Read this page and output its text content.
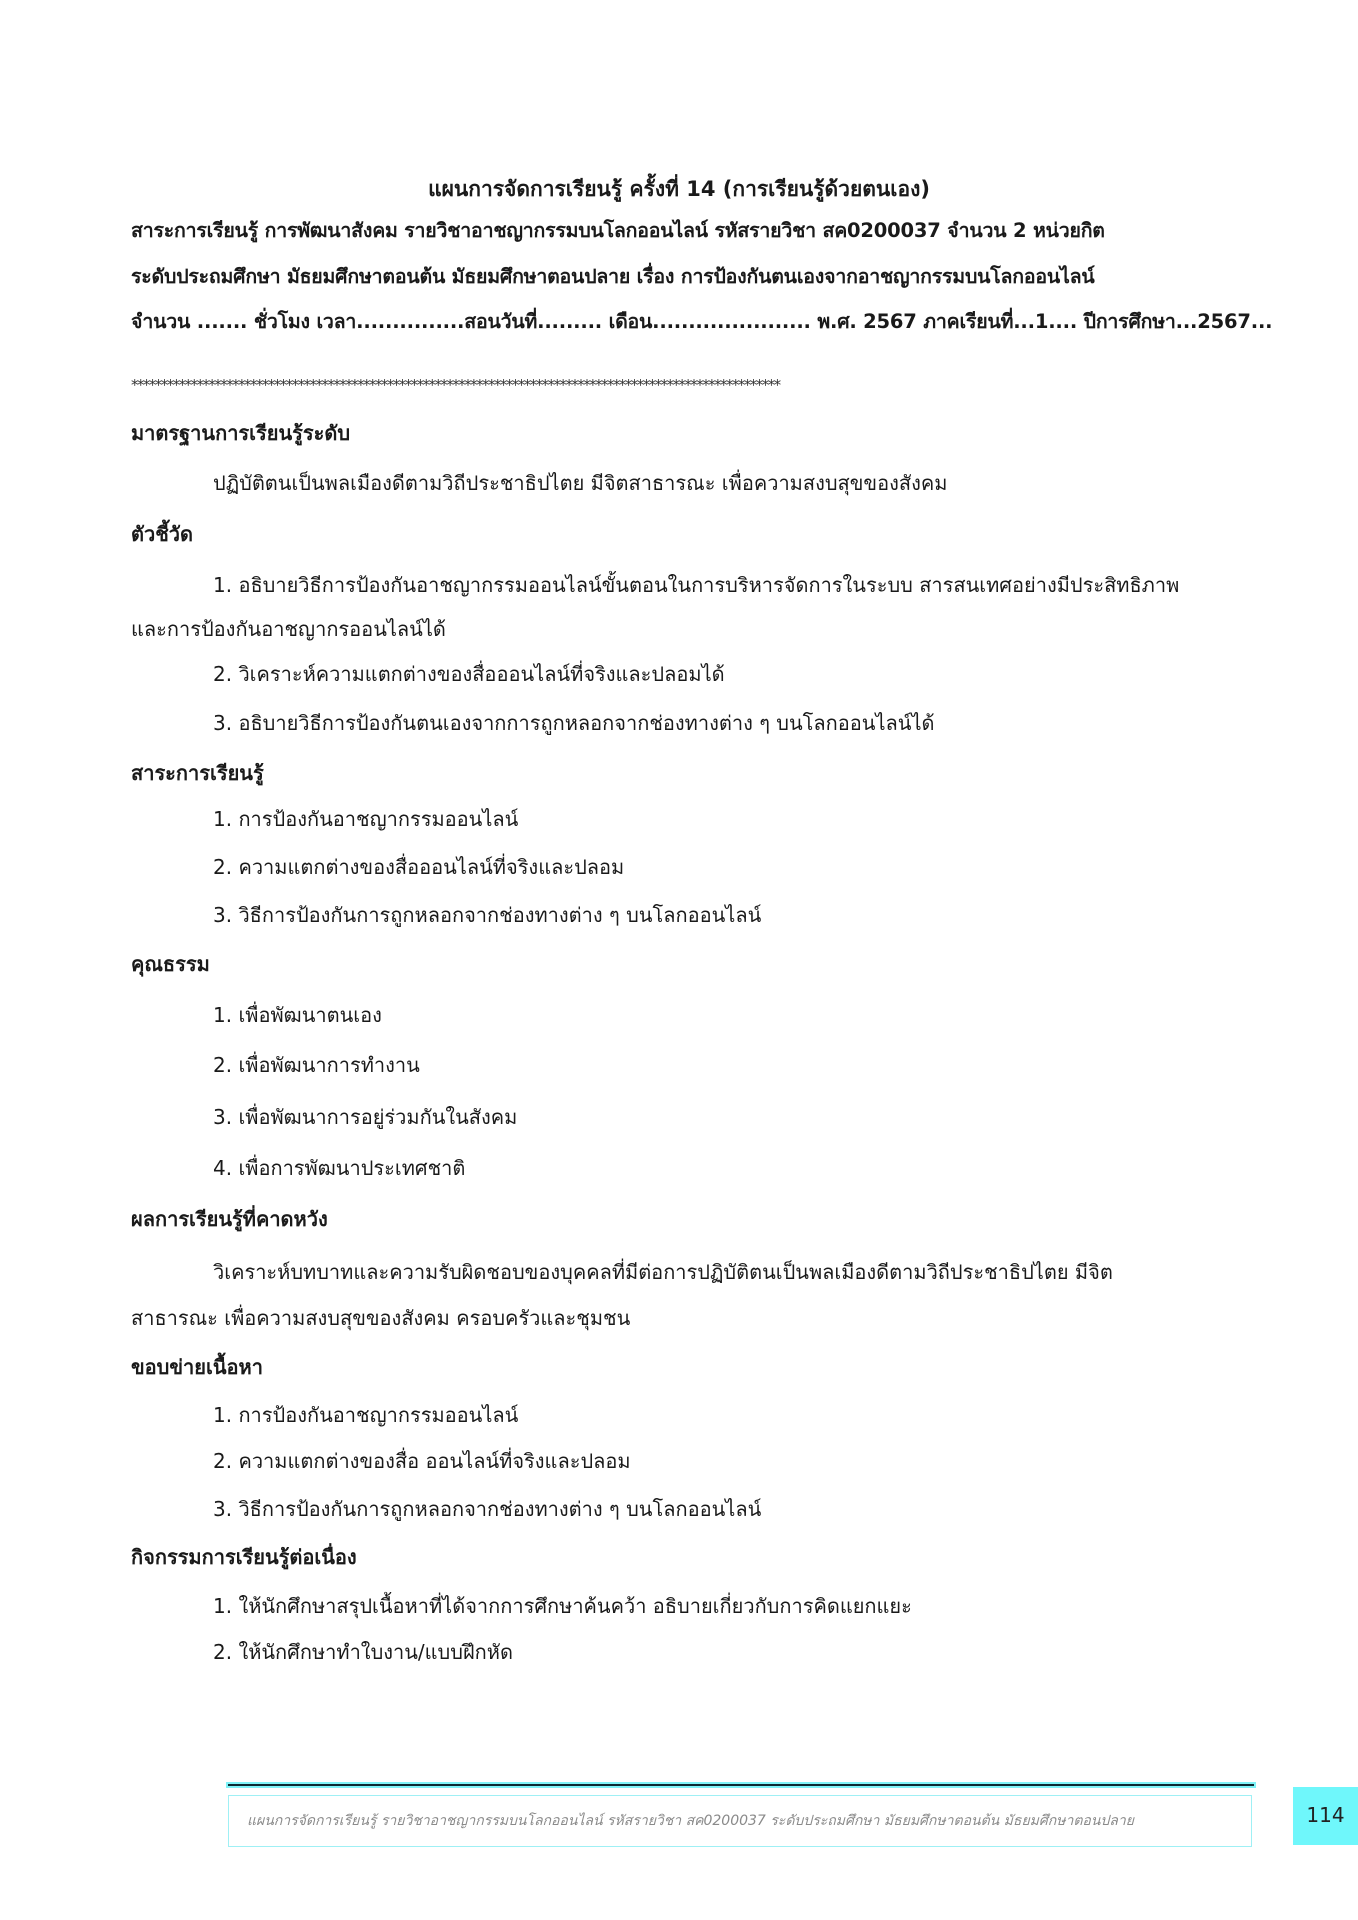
แผนการจัดการเรียนรู้ ครั้งที่ 14 (การเรียนรู้ด้วยตนเอง)
สาระการเรียนรู้ การพัฒนาสังคม รายวิชาอาชญากรรมบนโลกออนไลน์ รหัสรายวิชา สค0200037 จำนวน 2 หน่วยกิต
ระดับประถมศึกษา มัธยมศึกษาตอนต้น มัธยมศึกษาตอนปลาย เรื่อง การป้องกันตนเองจากอาชญากรรมบนโลกออนไลน์
จำนวน ....... ชั่วโมง เวลา...............สอนวันที่......... เดือน...................... พ.ศ. 2567 ภาคเรียนที่...1.... ปีการศึกษา...2567...
*************************************************************************************************************
มาตรฐานการเรียนรู้ระดับ
ปฏิบัติตนเป็นพลเมืองดีตามวิถีประชาธิปไตย มีจิตสาธารณะ เพื่อความสงบสุขของสังคม
ตัวชี้วัด
1. อธิบายวิธีการป้องกันอาชญากรรมออนไลน์ขั้นตอนในการบริหารจัดการในระบบ สารสนเทศอย่างมีประสิทธิภาพ
และการป้องกันอาชญากรออนไลน์ได้
2. วิเคราะห์ความแตกต่างของสื่อออนไลน์ที่จริงและปลอมได้
3. อธิบายวิธีการป้องกันตนเองจากการถูกหลอกจากช่องทางต่าง ๆ บนโลกออนไลน์ได้
สาระการเรียนรู้
1. การป้องกันอาชญากรรมออนไลน์
2. ความแตกต่างของสื่อออนไลน์ที่จริงและปลอม
3. วิธีการป้องกันการถูกหลอกจากช่องทางต่าง ๆ บนโลกออนไลน์
คุณธรรม
1. เพื่อพัฒนาตนเอง
2. เพื่อพัฒนาการทำงาน
3. เพื่อพัฒนาการอยู่ร่วมกันในสังคม
4. เพื่อการพัฒนาประเทศชาติ
ผลการเรียนรู้ที่คาดหวัง
วิเคราะห์บทบาทและความรับผิดชอบของบุคคลที่มีต่อการปฏิบัติตนเป็นพลเมืองดีตามวิถีประชาธิปไตย มีจิต
สาธารณะ เพื่อความสงบสุขของสังคม ครอบครัวและชุมชน
ขอบข่ายเนื้อหา
1. การป้องกันอาชญากรรมออนไลน์
2. ความแตกต่างของสื่อ ออนไลน์ที่จริงและปลอม
3. วิธีการป้องกันการถูกหลอกจากช่องทางต่าง ๆ บนโลกออนไลน์
กิจกรรมการเรียนรู้ต่อเนื่อง
1. ให้นักศึกษาสรุปเนื้อหาที่ได้จากการศึกษาค้นคว้า อธิบายเกี่ยวกับการคิดแยกแยะ
2. ให้นักศึกษาทำใบงาน/แบบฝึกหัด
แผนการจัดการเรียนรู้ รายวิชาอาชญากรรมบนโลกออนไลน์ รหัสรายวิชา สค0200037 ระดับประถมศึกษา มัธยมศึกษาตอนต้น มัธยมศึกษาตอนปลาย	114
